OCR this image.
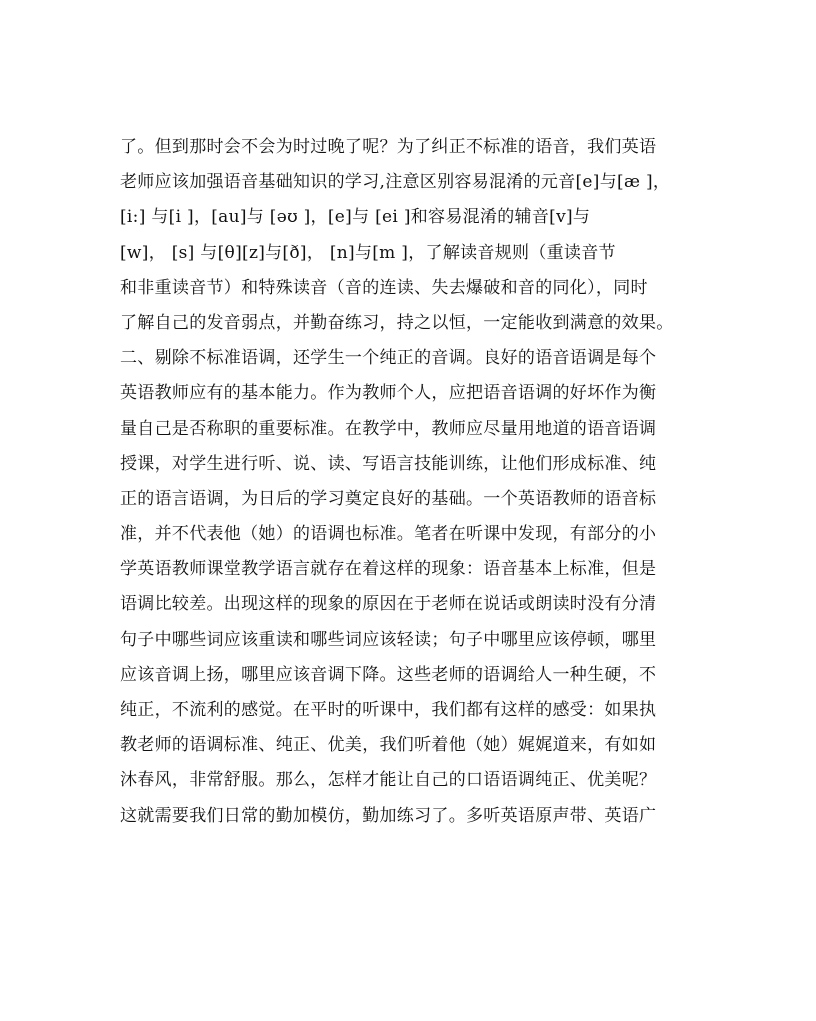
了。但到那时会不会为时过晚了呢？为了纠正不标准的语音，我们英语
老师应该加强语音基础知识的学习,注意区别容易混淆的元音[e]与[æ ]，
[i:] 与[i ]，[au]与 [əʊ ]，[e]与 [ei ]和容易混淆的辅音[v]与
[w]， [s] 与[θ][z]与[ð]， [n]与[m ]，了解读音规则（重读音节
和非重读音节）和特殊读音（音的连读、失去爆破和音的同化），同时
了解自己的发音弱点，并勤奋练习，持之以恒，一定能收到满意的效果。
二、剔除不标准语调，还学生一个纯正的音调。良好的语音语调是每个
英语教师应有的基本能力。作为教师个人，应把语音语调的好坏作为衡
量自己是否称职的重要标准。在教学中，教师应尽量用地道的语音语调
授课，对学生进行听、说、读、写语言技能训练，让他们形成标准、纯
正的语言语调，为日后的学习奠定良好的基础。一个英语教师的语音标
准，并不代表他（她）的语调也标准。笔者在听课中发现，有部分的小
学英语教师课堂教学语言就存在着这样的现象：语音基本上标准，但是
语调比较差。出现这样的现象的原因在于老师在说话或朗读时没有分清
句子中哪些词应该重读和哪些词应该轻读；句子中哪里应该停顿，哪里
应该音调上扬，哪里应该音调下降。这些老师的语调给人一种生硬，不
纯正，不流利的感觉。在平时的听课中，我们都有这样的感受：如果执
教老师的语调标准、纯正、优美，我们听着他（她）娓娓道来，有如如
沐春风，非常舒服。那么，怎样才能让自己的口语语调纯正、优美呢？
这就需要我们日常的勤加模仿，勤加练习了。多听英语原声带、英语广
